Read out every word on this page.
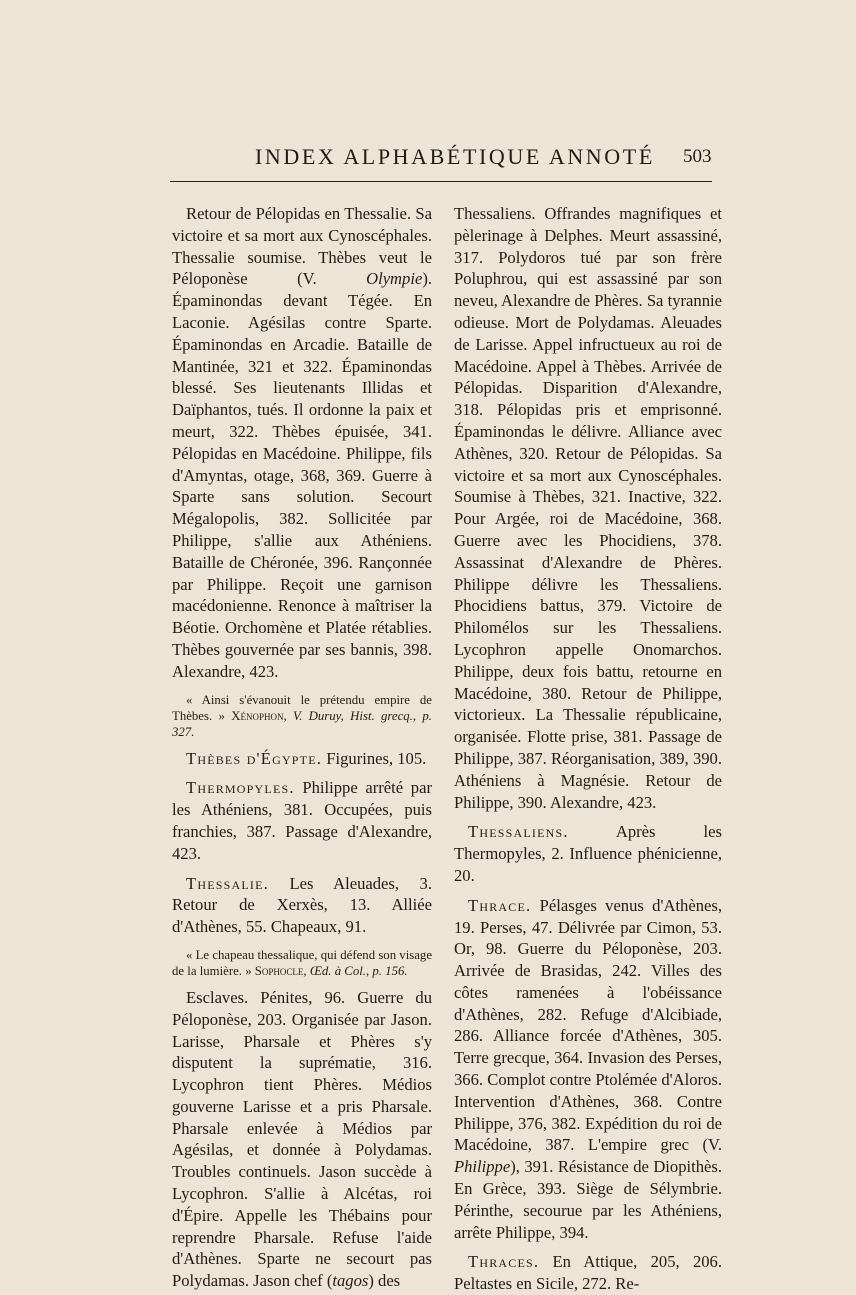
INDEX ALPHABÉTIQUE ANNOTÉ 503

Retour de Pélopidas en Thessalie. Sa victoire et sa mort aux Cynoscéphales. Thessalie soumise. Thèbes veut le Péloponèse (V. Olympie). Épaminondas devant Tégée. En Laconie. Agésilas contre Sparte. Épaminondas en Arcadie. Bataille de Mantinée, 321 et 322. Épaminondas blessé. Ses lieutenants Illidas et Daïphantos, tués. Il ordonne la paix et meurt, 322. Thèbes épuisée, 341. Pélopidas en Macédoine. Philippe, fils d'Amyntas, otage, 368, 369. Guerre à Sparte sans solution. Secourt Mégalopolis, 382. Sollicitée par Philippe, s'allie aux Athéniens. Bataille de Chéronée, 396. Rançonnée par Philippe. Reçoit une garnison macédonienne. Renonce à maîtriser la Béotie. Orchomène et Platée rétablies. Thèbes gouvernée par ses bannis, 398. Alexandre, 423.

« Ainsi s'évanouit le prétendu empire de Thèbes. » Xénophon, V. Duruy, Hist. grecq., p. 327.

Thèbes d'Égypte. Figurines, 105.

Thermopyles. Philippe arrêté par les Athéniens, 381. Occupées, puis franchies, 387. Passage d'Alexandre, 423.

Thessalie. Les Aleuades, 3. Retour de Xerxès, 13. Alliée d'Athènes, 55. Chapeaux, 91.

« Le chapeau thessalique, qui défend son visage de la lumière. » Sophocle, Œd. à Col., p. 156.

Esclaves. Pénites, 96. Guerre du Péloponèse, 203. Organisée par Jason. Larisse, Pharsale et Phères s'y disputent la suprématie, 316. Lycophron tient Phères. Médios gouverne Larisse et a pris Pharsale. Pharsale enlevée à Médios par Agésilas, et donnée à Polydamas. Troubles continuels. Jason succède à Lycophron. S'allie à Alcétas, roi d'Épire. Appelle les Thébains pour reprendre Pharsale. Refuse l'aide d'Athènes. Sparte ne secourt pas Polydamas. Jason chef (tagos) des

Thessaliens. Offrandes magnifiques et pèlerinage à Delphes. Meurt assassiné, 317. Polydoros tué par son frère Poluphrou, qui est assassiné par son neveu, Alexandre de Phères. Sa tyrannie odieuse. Mort de Polydamas. Aleuades de Larisse. Appel infructueux au roi de Macédoine. Appel à Thèbes. Arrivée de Pélopidas. Disparition d'Alexandre, 318. Pélopidas pris et emprisonné. Épaminondas le délivre. Alliance avec Athènes, 320. Retour de Pélopidas. Sa victoire et sa mort aux Cynoscéphales. Soumise à Thèbes, 321. Inactive, 322. Pour Argée, roi de Macédoine, 368. Guerre avec les Phocidiens, 378. Assassinat d'Alexandre de Phères. Philippe délivre les Thessaliens. Phocidiens battus, 379. Victoire de Philomélos sur les Thessaliens. Lycophron appelle Onomarchos. Philippe, deux fois battu, retourne en Macédoine, 380. Retour de Philippe, victorieux. La Thessalie républicaine, organisée. Flotte prise, 381. Passage de Philippe, 387. Réorganisation, 389, 390. Athéniens à Magnésie. Retour de Philippe, 390. Alexandre, 423.

Thessaliens. Après les Thermopyles, 2. Influence phénicienne, 20.

Thrace. Pélasges venus d'Athènes, 19. Perses, 47. Délivrée par Cimon, 53. Or, 98. Guerre du Péloponèse, 203. Arrivée de Brasidas, 242. Villes des côtes ramenées à l'obéissance d'Athènes, 282. Refuge d'Alcibiade, 286. Alliance forcée d'Athènes, 305. Terre grecque, 364. Invasion des Perses, 366. Complot contre Ptolémée d'Aloros. Intervention d'Athènes, 368. Contre Philippe, 376, 382. Expédition du roi de Macédoine, 387. L'empire grec (V. Philippe), 391. Résistance de Diopithès. En Grèce, 393. Siège de Sélymbrie. Périnthe, secourue par les Athéniens, arrête Philippe, 394.

Thraces. En Attique, 205, 206. Peltastes en Sicile, 272. Re-
